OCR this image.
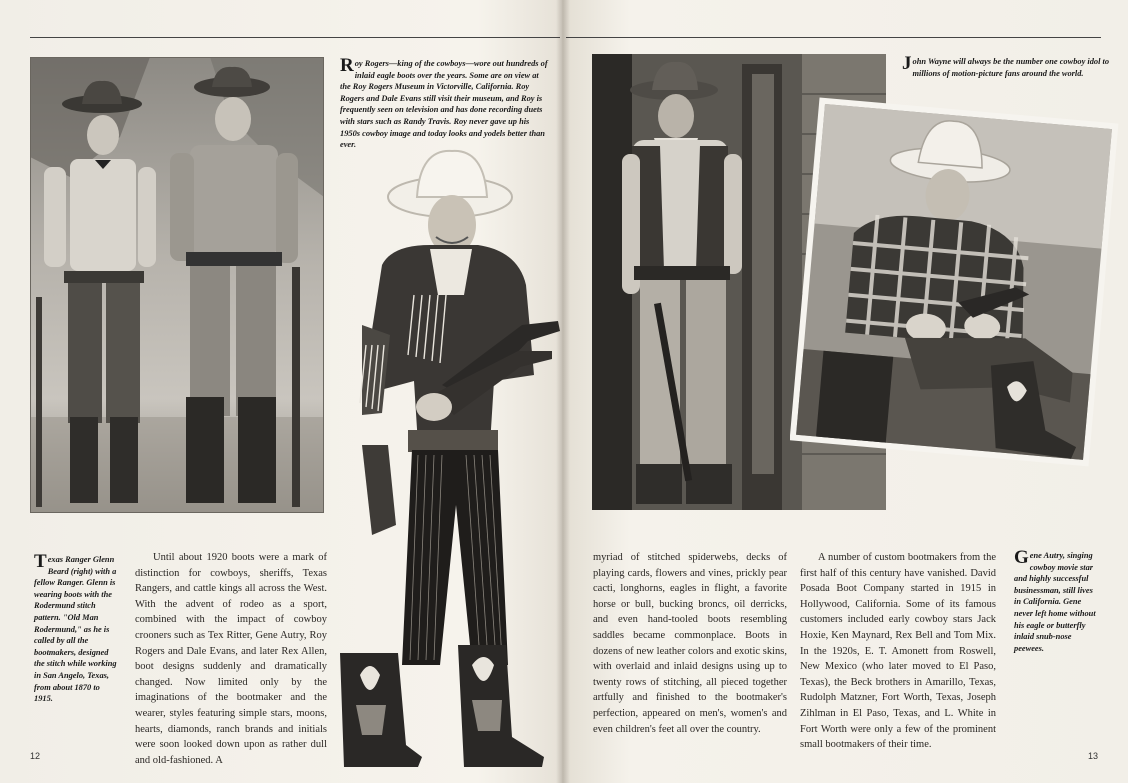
Roy Rogers—king of the cowboys—wore out hundreds of inlaid eagle boots over the years. Some are on view at the Roy Rogers Museum in Victorville, California. Roy Rogers and Dale Evans still visit their museum, and Roy is frequently seen on television and has done recording duets with stars such as Randy Travis. Roy never gave up his 1950s cowboy image and today looks and yodels better than ever.
Texas Ranger Glenn Beard (right) with a fellow Ranger. Glenn is wearing boots with the Rodermund stitch pattern. "Old Man Rodermund," as he is called by all the bootmakers, designed the stitch while working in San Angelo, Texas, from about 1870 to 1915.

Until about 1920 boots were a mark of distinction for cowboys, sheriffs, Texas Rangers, and cattle kings all across the West. With the advent of rodeo as a sport, combined with the impact of cowboy crooners such as Tex Ritter, Gene Autry, Roy Rogers and Dale Evans, and later Rex Allen, boot designs suddenly and dramatically changed. Now limited only by the imaginations of the bootmaker and the wearer, styles featuring simple stars, moons, hearts, diamonds, ranch brands and initials were soon looked down upon as rather dull and old-fashioned. A

12
John Wayne will always be the number one cowboy idol to millions of motion-picture fans around the world.
Gene Autry, singing cowboy movie star and highly successful businessman, still lives in California. Gene never left home without his eagle or butterfly inlaid snub-nose peewees.

myriad of stitched spiderwebs, decks of playing cards, flowers and vines, prickly pear cacti, longhorns, eagles in flight, a favorite horse or bull, bucking broncs, oil derricks, and even hand-tooled boots resembling saddles became commonplace. Boots in dozens of new leather colors and exotic skins, with overlaid and inlaid designs using up to twenty rows of stitching, all pieced together artfully and finished to the bootmaker's perfection, appeared on men's, women's and even children's feet all over the country.

A number of custom bootmakers from the first half of this century have vanished. David Posada Boot Company started in 1915 in Hollywood, California. Some of its famous customers included early cowboy stars Jack Hoxie, Ken Maynard, Rex Bell and Tom Mix. In the 1920s, E. T. Amonett from Roswell, New Mexico (who later moved to El Paso, Texas), the Beck brothers in Amarillo, Texas, Rudolph Matzner, Fort Worth, Texas, Joseph Zihlman in El Paso, Texas, and L. White in Fort Worth were only a few of the prominent small bootmakers of their time.

13
